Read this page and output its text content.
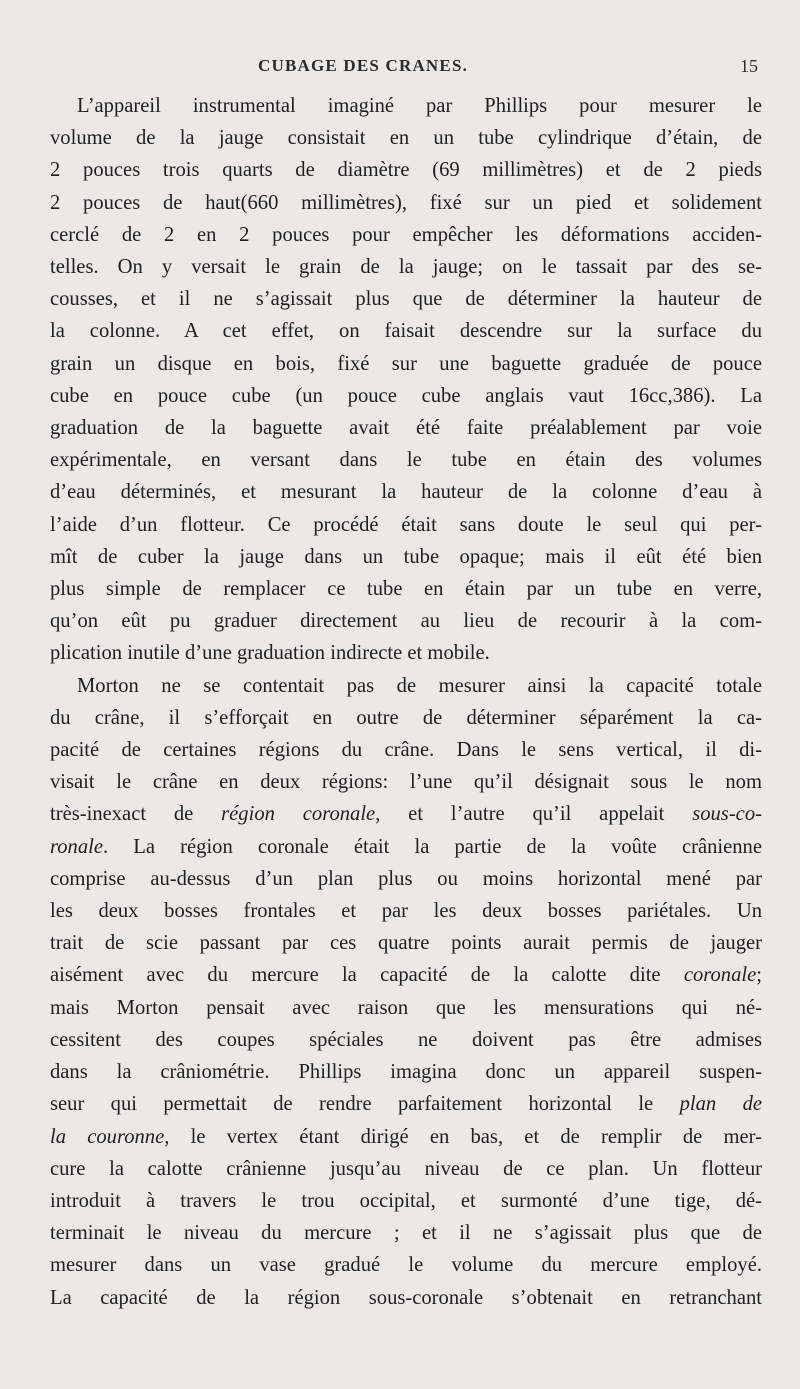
CUBAGE DES CRANES.	15
L’appareil instrumental imaginé par Phillips pour mesurer le
volume de la jauge consistait en un tube cylindrique d’étain, de
2 pouces trois quarts de diamètre (69 millimètres) et de 2 pieds
2 pouces de haut(660 millimètres), fixé sur un pied et solidement
cerclé de 2 en 2 pouces pour empêcher les déformations acciden-
telles. On y versait le grain de la jauge; on le tassait par des se-
cousses, et il ne s’agissait plus que de déterminer la hauteur de
la colonne. A cet effet, on faisait descendre sur la surface du
grain un disque en bois, fixé sur une baguette graduée de pouce
cube en pouce cube (un pouce cube anglais vaut 16cc,386). La
graduation de la baguette avait été faite préalablement par voie
expérimentale, en versant dans le tube en étain des volumes
d’eau déterminés, et mesurant la hauteur de la colonne d’eau à
l’aide d’un flotteur. Ce procédé était sans doute le seul qui per-
mît de cuber la jauge dans un tube opaque; mais il eût été bien
plus simple de remplacer ce tube en étain par un tube en verre,
qu’on eût pu graduer directement au lieu de recourir à la com-
plication inutile d’une graduation indirecte et mobile.
Morton ne se contentait pas de mesurer ainsi la capacité totale
du crâne, il s’efforçait en outre de déterminer séparément la ca-
pacité de certaines régions du crâne. Dans le sens vertical, il di-
visait le crâne en deux régions: l’une qu’il désignait sous le nom
très-inexact de région coronale, et l’autre qu’il appelait sous-co-
ronale. La région coronale était la partie de la voûte crânienne
comprise au-dessus d’un plan plus ou moins horizontal mené par
les deux bosses frontales et par les deux bosses pariétales. Un
trait de scie passant par ces quatre points aurait permis de jauger
aisément avec du mercure la capacité de la calotte dite coronale;
mais Morton pensait avec raison que les mensurations qui né-
cessitent des coupes spéciales ne doivent pas être admises
dans la crâniométrie. Phillips imagina donc un appareil suspen-
seur qui permettait de rendre parfaitement horizontal le plan de
la couronne, le vertex étant dirigé en bas, et de remplir de mer-
cure la calotte crânienne jusqu’au niveau de ce plan. Un flotteur
introduit à travers le trou occipital, et surmonté d’une tige, dé-
terminait le niveau du mercure ; et il ne s’agissait plus que de
mesurer dans un vase gradué le volume du mercure employé.
La capacité de la région sous-coronale s’obtenait en retranchant
